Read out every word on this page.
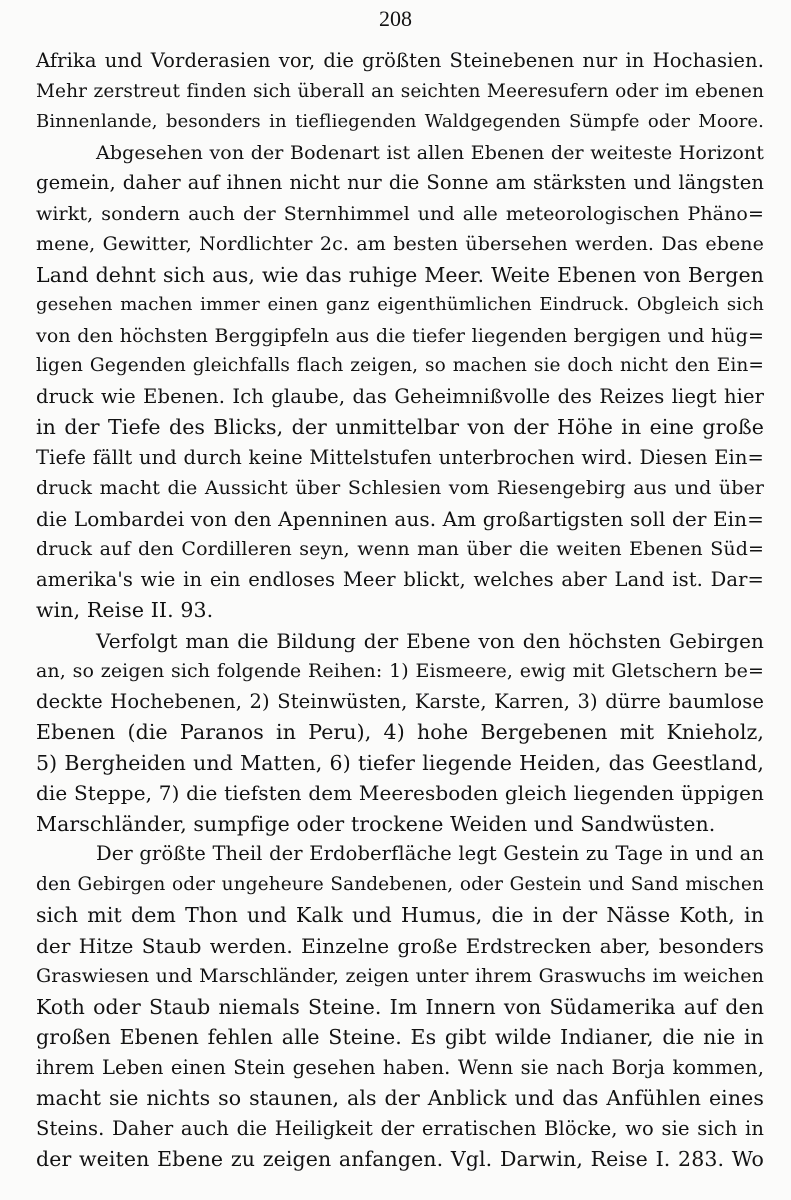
208
Afrika und Vorderasien vor, die größten Steinebenen nur in Hochasien.
Mehr zerstreut finden sich überall an seichten Meeresufern oder im ebenen
Binnenlande, besonders in tiefliegenden Waldgegenden Sümpfe oder Moore.
Abgesehen von der Bodenart ist allen Ebenen der weiteste Horizont
gemein, daher auf ihnen nicht nur die Sonne am stärksten und längsten
wirkt, sondern auch der Sternhimmel und alle meteorologischen Phäno=
mene, Gewitter, Nordlichter 2c. am besten übersehen werden. Das ebene
Land dehnt sich aus, wie das ruhige Meer. Weite Ebenen von Bergen
gesehen machen immer einen ganz eigenthümlichen Eindruck. Obgleich sich
von den höchsten Berggipfeln aus die tiefer liegenden bergigen und hüg=
ligen Gegenden gleichfalls flach zeigen, so machen sie doch nicht den Ein=
druck wie Ebenen. Ich glaube, das Geheimnißvolle des Reizes liegt hier
in der Tiefe des Blicks, der unmittelbar von der Höhe in eine große
Tiefe fällt und durch keine Mittelstufen unterbrochen wird. Diesen Ein=
druck macht die Aussicht über Schlesien vom Riesengebirg aus und über
die Lombardei von den Apenninen aus. Am großartigsten soll der Ein=
druck auf den Cordilleren seyn, wenn man über die weiten Ebenen Süd=
amerika's wie in ein endloses Meer blickt, welches aber Land ist. Dar=
win, Reise II. 93.
Verfolgt man die Bildung der Ebene von den höchsten Gebirgen
an, so zeigen sich folgende Reihen: 1) Eismeere, ewig mit Gletschern be=
deckte Hochebenen, 2) Steinwüsten, Karste, Karren, 3) dürre baumlose
Ebenen (die Paranos in Peru), 4) hohe Bergebenen mit Knieholz,
5) Bergheiden und Matten, 6) tiefer liegende Heiden, das Geestland,
die Steppe, 7) die tiefsten dem Meeresboden gleich liegenden üppigen
Marschländer, sumpfige oder trockene Weiden und Sandwüsten.
Der größte Theil der Erdoberfläche legt Gestein zu Tage in und an
den Gebirgen oder ungeheure Sandebenen, oder Gestein und Sand mischen
sich mit dem Thon und Kalk und Humus, die in der Nässe Koth, in
der Hitze Staub werden. Einzelne große Erdstrecken aber, besonders
Graswiesen und Marschländer, zeigen unter ihrem Graswuchs im weichen
Koth oder Staub niemals Steine. Im Innern von Südamerika auf den
großen Ebenen fehlen alle Steine. Es gibt wilde Indianer, die nie in
ihrem Leben einen Stein gesehen haben. Wenn sie nach Borja kommen,
macht sie nichts so staunen, als der Anblick und das Anfühlen eines
Steins. Daher auch die Heiligkeit der erratischen Blöcke, wo sie sich in
der weiten Ebene zu zeigen anfangen. Vgl. Darwin, Reise I. 283. Wo
